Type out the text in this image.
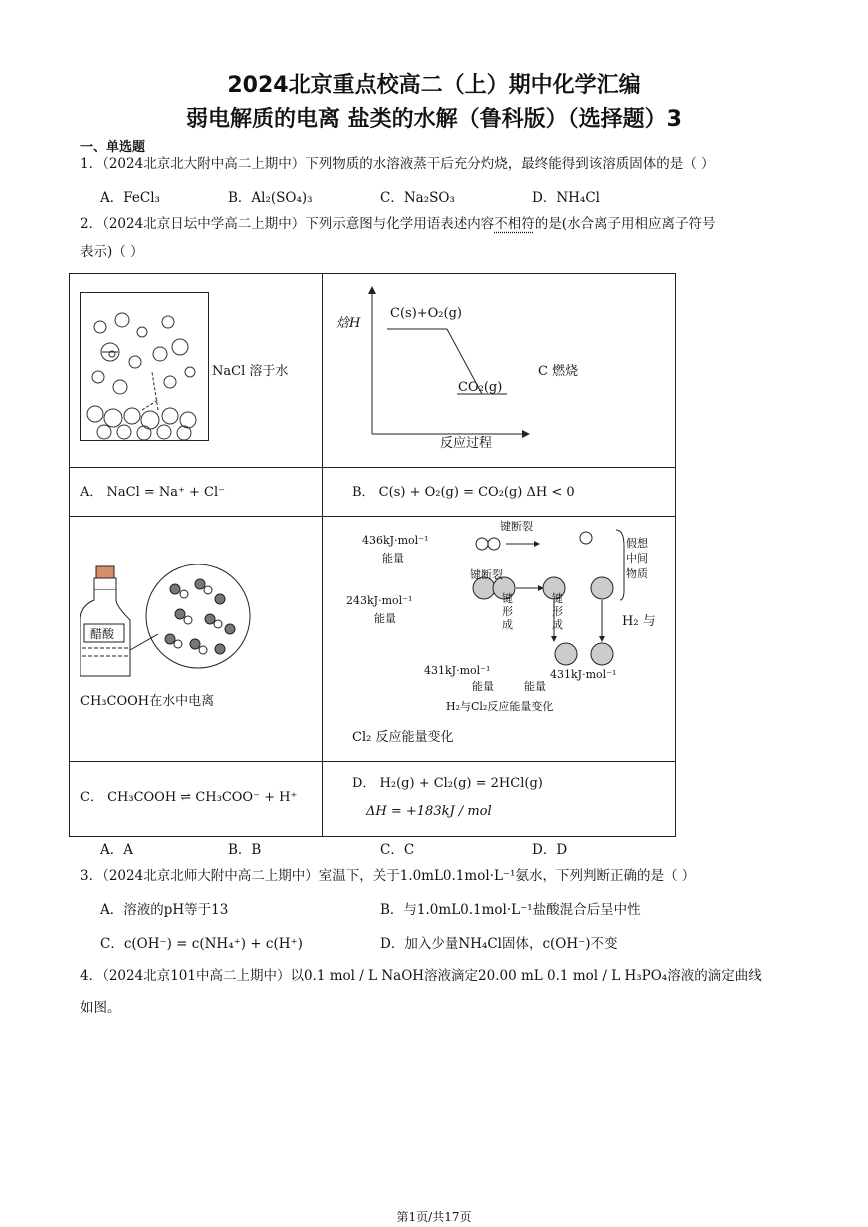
2024北京重点校高二（上）期中化学汇编
弱电解质的电离 盐类的水解（鲁科版）（选择题）3
一、单选题
1．（2024北京北大附中高二上期中）下列物质的水溶液蒸干后充分灼烧，最终能得到该溶质固体的是（ ）
A．FeCl₃	B．Al₂(SO₄)₃	C．Na₂SO₃	D．NH₄Cl
2．（2024北京日坛中学高二上期中）下列示意图与化学用语表述内容不相符的是(水合离子用相应离子符号
表示)（ ）
NaCl 溶于水
焓H
C(s)+O₂(g)
CO₂(g)
反应过程
C 燃烧
A． NaCl = Na⁺ + Cl⁻	B． C(s) + O₂(g) = CO₂(g) ΔH < 0
醋酸
CH₃COOH在水中电离
436kJ·mol⁻¹
能量
243kJ·mol⁻¹
能量
键断裂
键断裂
键形成
键形成
假想中间物质
431kJ·mol⁻¹	431kJ·mol⁻¹
能量	能量
H₂与Cl₂反应能量变化
H₂ 与
Cl₂ 反应能量变化
C． CH₃COOH ⇌ CH₃COO⁻ + H⁺
D． H₂(g) + Cl₂(g) = 2HCl(g)
ΔH = +183kJ / mol
A．A	B．B	C．C	D．D
3．（2024北京北师大附中高二上期中）室温下，关于1.0mL0.1mol·L⁻¹氨水，下列判断正确的是（ ）
A．溶液的pH等于13	B．与1.0mL0.1mol·L⁻¹盐酸混合后呈中性
C．c(OH⁻) = c(NH₄⁺) + c(H⁺)	D．加入少量NH₄Cl固体，c(OH⁻)不变
4．（2024北京101中高二上期中）以0.1 mol / L NaOH溶液滴定20.00 mL 0.1 mol / L H₃PO₄溶液的滴定曲线
如图。
第1页/共17页
